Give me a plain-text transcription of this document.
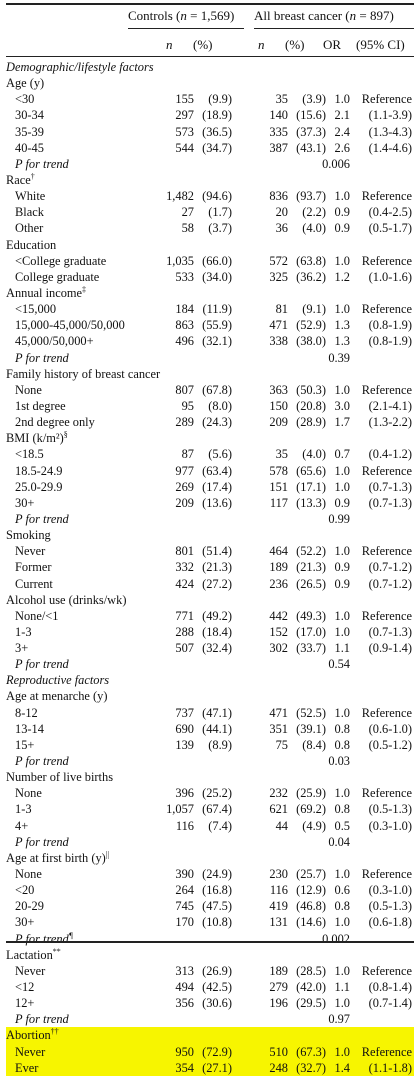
Controls (n = 1,569) All breast cancer (n = 897)
n (%)	n (%) OR (95% CI)
Demographic/lifestyle factors
Age (y)
<30	155 (9.9)	35 (3.9) 1.0 Reference
30-34	297 (18.9)	140 (15.6) 2.1 (1.1-3.9)
35-39	573 (36.5)	335 (37.3) 2.4 (1.3-4.3)
40-45	544 (34.7)	387 (43.1) 2.6 (1.4-4.6)
P for trend	0.006
Race†
White	1,482 (94.6)	836 (93.7) 1.0 Reference
Black	27 (1.7)	20 (2.2) 0.9 (0.4-2.5)
Other	58 (3.7)	36 (4.0) 0.9 (0.5-1.7)
Education
<College graduate	1,035 (66.0)	572 (63.8) 1.0 Reference
College graduate	533 (34.0)	325 (36.2) 1.2 (1.0-1.6)
Annual income‡
<15,000	184 (11.9)	81 (9.1) 1.0 Reference
15,000-45,000/50,000	863 (55.9)	471 (52.9) 1.3 (0.8-1.9)
45,000/50,000+	496 (32.1)	338 (38.0) 1.3 (0.8-1.9)
P for trend	0.39
Family history of breast cancer
None	807 (67.8)	363 (50.3) 1.0 Reference
1st degree	95 (8.0)	150 (20.8) 3.0 (2.1-4.1)
2nd degree only	289 (24.3)	209 (28.9) 1.7 (1.3-2.2)
BMI (k/m²)§
<18.5	87 (5.6)	35 (4.0) 0.7 (0.4-1.2)
18.5-24.9	977 (63.4)	578 (65.6) 1.0 Reference
25.0-29.9	269 (17.4)	151 (17.1) 1.0 (0.7-1.3)
30+	209 (13.6)	117 (13.3) 0.9 (0.7-1.3)
P for trend	0.99
Smoking
Never	801 (51.4)	464 (52.2) 1.0 Reference
Former	332 (21.3)	189 (21.3) 0.9 (0.7-1.2)
Current	424 (27.2)	236 (26.5) 0.9 (0.7-1.2)
Alcohol use (drinks/wk)
None/<1	771 (49.2)	442 (49.3) 1.0 Reference
1-3	288 (18.4)	152 (17.0) 1.0 (0.7-1.3)
3+	507 (32.4)	302 (33.7) 1.1 (0.9-1.4)
P for trend	0.54
Reproductive factors
Age at menarche (y)
8-12	737 (47.1)	471 (52.5) 1.0 Reference
13-14	690 (44.1)	351 (39.1) 0.8 (0.6-1.0)
15+	139 (8.9)	75 (8.4) 0.8 (0.5-1.2)
P for trend	0.03
Number of live births
None	396 (25.2)	232 (25.9) 1.0 Reference
1-3	1,057 (67.4)	621 (69.2) 0.8 (0.5-1.3)
4+	116 (7.4)	44 (4.9) 0.5 (0.3-1.0)
P for trend	0.04
Age at first birth (y)||
None	390 (24.9)	230 (25.7) 1.0 Reference
<20	264 (16.8)	116 (12.9) 0.6 (0.3-1.0)
20-29	745 (47.5)	419 (46.8) 0.8 (0.5-1.3)
30+	170 (10.8)	131 (14.6) 1.0 (0.6-1.8)
P for trend¶	0.002
Lactation**
Never	313 (26.9)	189 (28.5) 1.0 Reference
<12	494 (42.5)	279 (42.0) 1.1 (0.8-1.4)
12+	356 (30.6)	196 (29.5) 1.0 (0.7-1.4)
P for trend	0.97
Abortion††
Never	950 (72.9)	510 (67.3) 1.0 Reference
Ever	354 (27.1)	248 (32.7) 1.4 (1.1-1.8)
